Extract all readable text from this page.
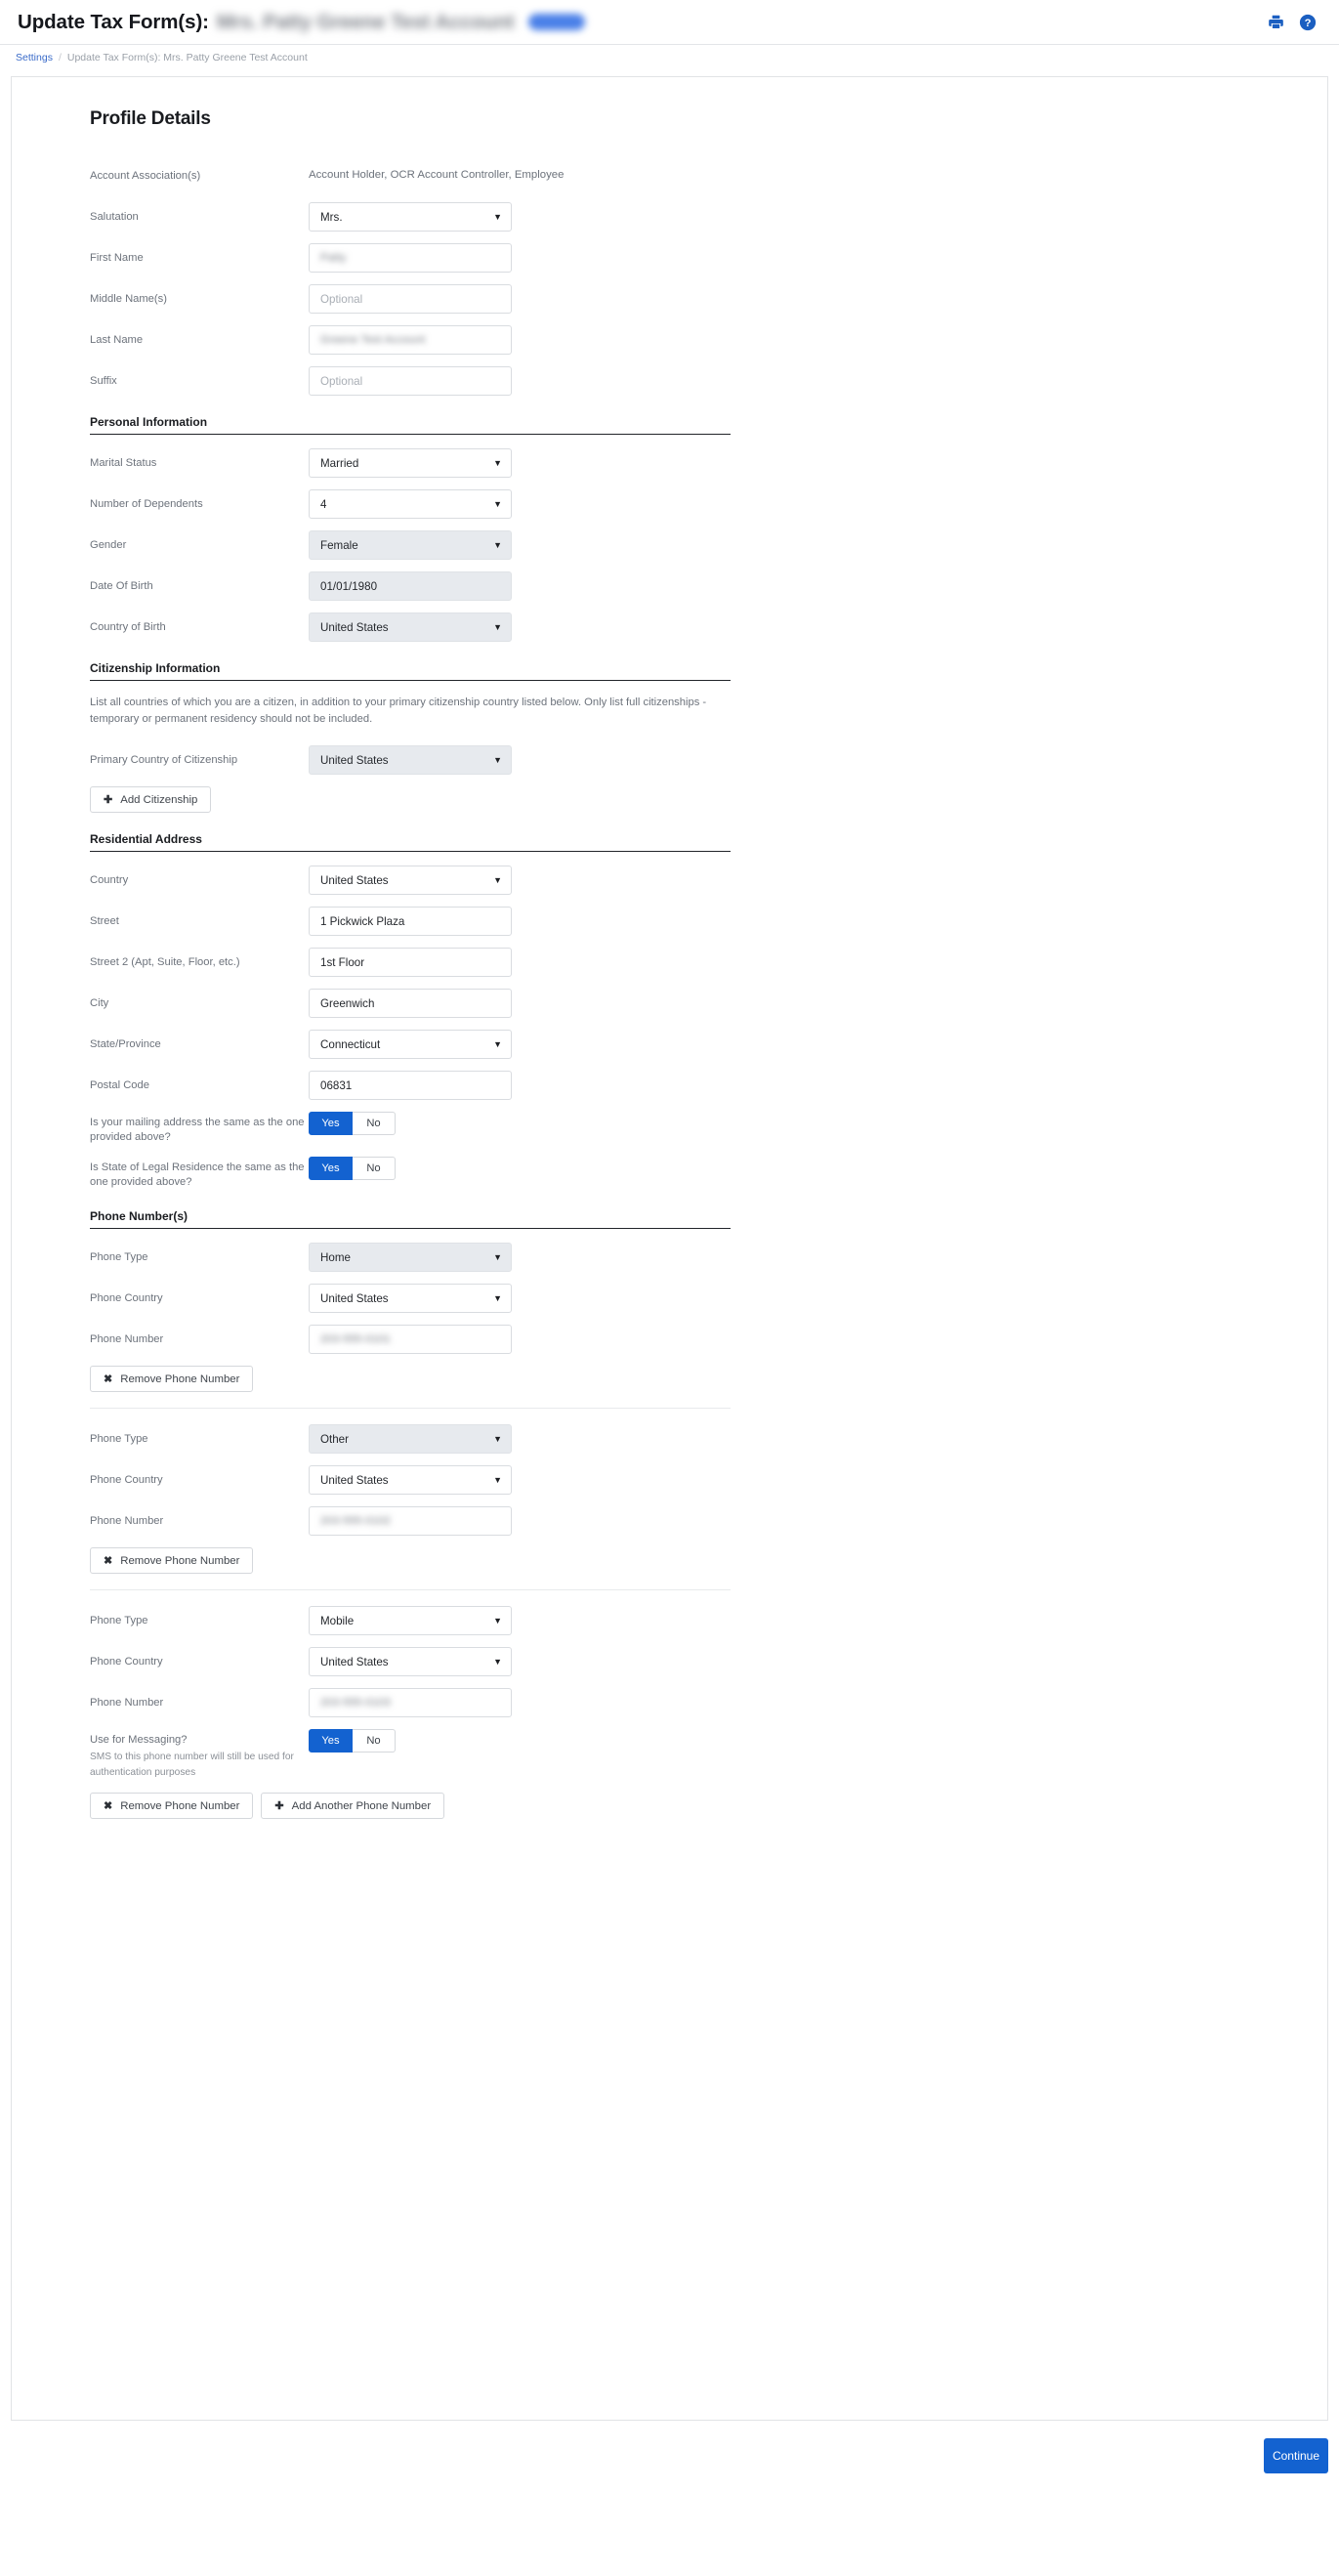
Update Tax Form(s): Mrs. Patty Greene Test Account	?
Settings / Update Tax Form(s): Mrs. Patty Greene Test Account
Profile Details
Account Association(s)	Account Holder, OCR Account Controller, Employee
Salutation	Mrs.	▼
First Name	Patty
Middle Name(s)	Optional
Last Name	Greene Test Account
Suffix	Optional
Personal Information
Marital Status	Married	▼
Number of Dependents	4	▼
Gender	Female	▼
Date Of Birth	01/01/1980
Country of Birth	United States	▼
Citizenship Information
List all countries of which you are a citizen, in addition to your primary citizenship country listed below. Only list full citizenships - temporary or permanent residency should not be included.
Primary Country of Citizenship	United States	▼
✚ Add Citizenship
Residential Address
Country	United States	▼
Street	1 Pickwick Plaza
Street 2 (Apt, Suite, Floor, etc.)	1st Floor
City	Greenwich
State/Province	Connecticut	▼
Postal Code	06831
Is your mailing address the same as the one provided above?
Yes	No
Is State of Legal Residence the same as the one provided above?
Yes	No
Phone Number(s)
Phone Type	Home	▼
Phone Country	United States	▼
Phone Number	203-555-0101
✖ Remove Phone Number
Phone Type	Other	▼
Phone Country	United States	▼
Phone Number	203-555-0102
✖ Remove Phone Number
Phone Type	Mobile	▼
Phone Country	United States	▼
Phone Number	203-555-0103
Use for Messaging?
SMS to this phone number will still be used for authentication purposes
Yes	No
✖ Remove Phone Number	✚ Add Another Phone Number
Continue
